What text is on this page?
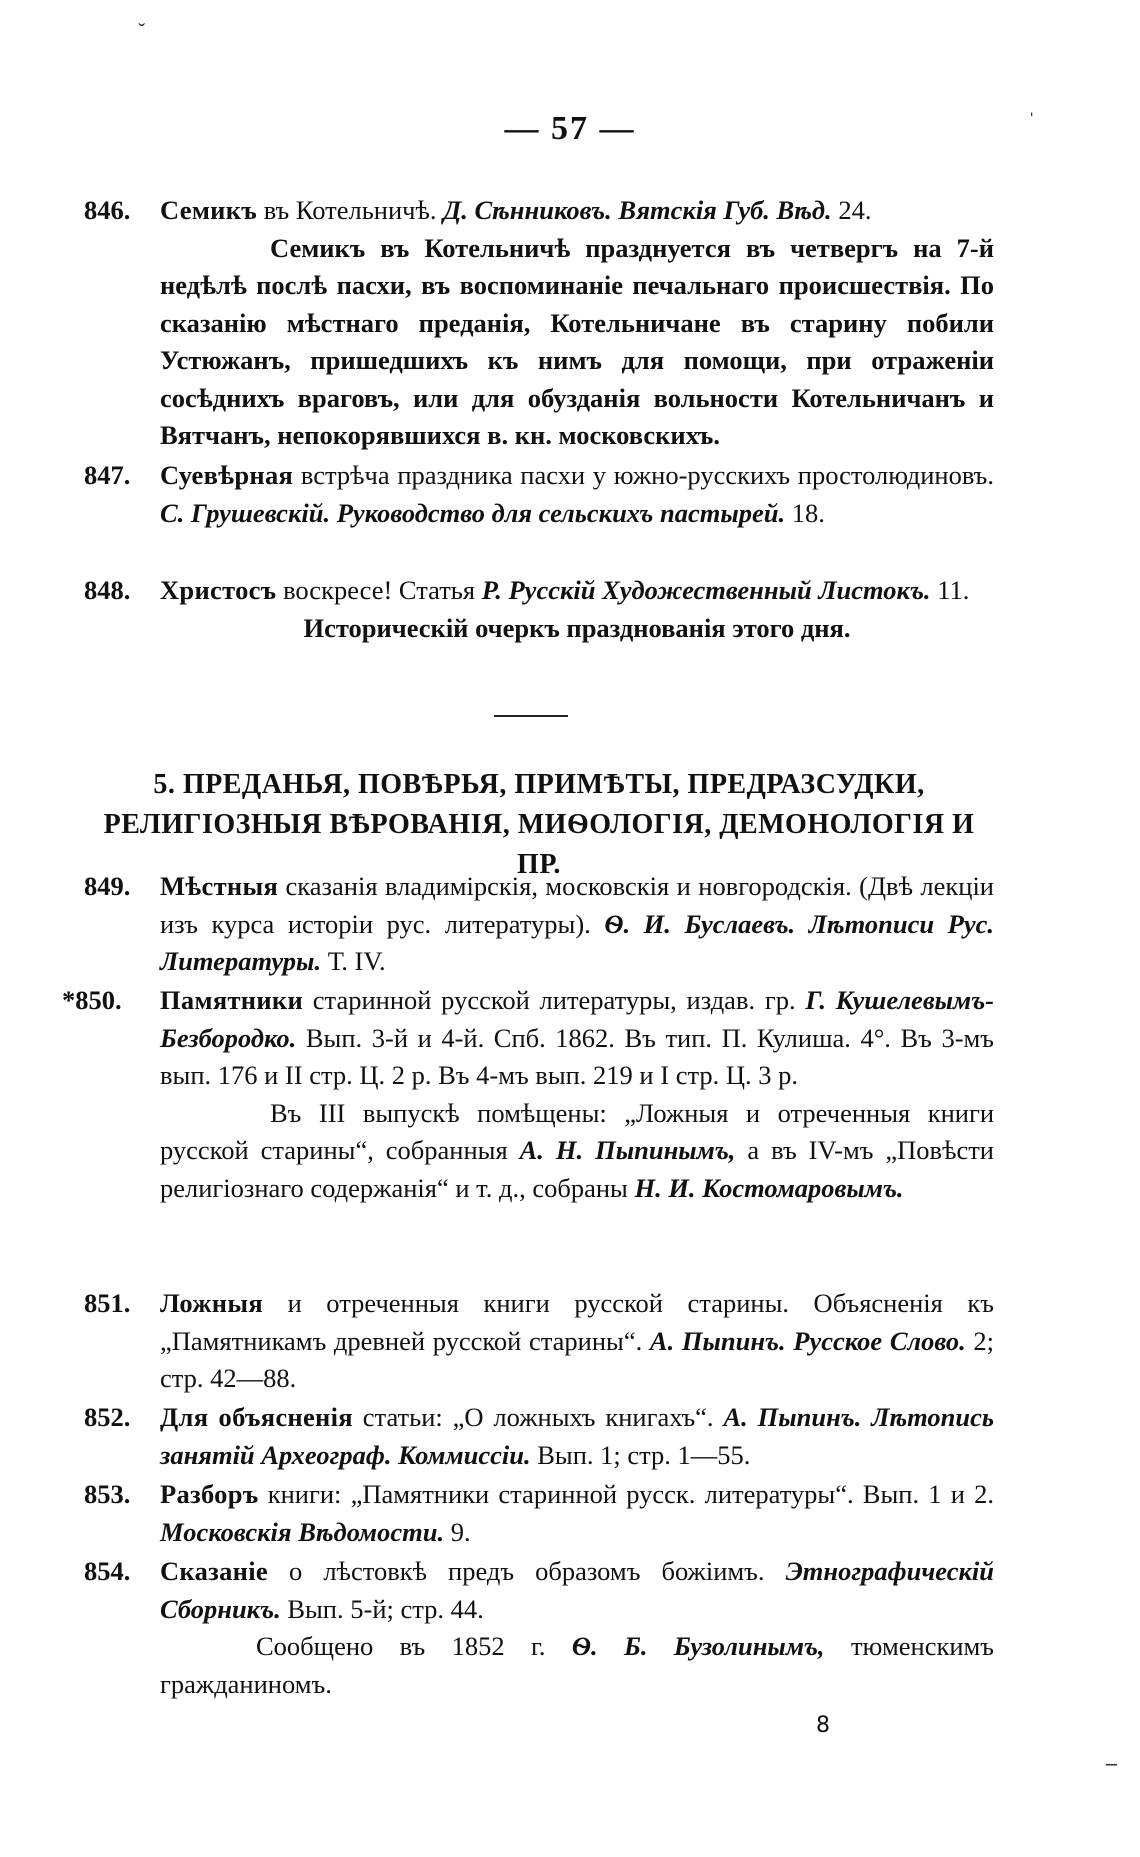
— 57 —
846. Семикъ въ Котельничѣ. Д. Сѣнниковъ. Вятскія Губ. Вѣд. 24.
Семикъ въ Котельничѣ празднуется въ четвергъ на 7-й недѣлѣ послѣ пасхи, въ воспоминаніе печальнаго происшествія. По сказанію мѣстнаго преданія, Котельничане въ старину побили Устюжанъ, пришедшихъ къ нимъ для помощи, при отраженіи сосѣднихъ враговъ, или для обузданія вольности Котельничанъ и Вятчанъ, непокорявшихся в. кн. московскихъ.
847. Суевѣрная встрѣча праздника пасхи у южно-русскихъ простолюдиновъ. С. Грушевскій. Руководство для сельскихъ пастырей. 18.
848. Христосъ воскресе! Статья Р. Русскій Художественный Листокъ. 11.
Историческій очеркъ празднованія этого дня.
5. ПРЕДАНЬЯ, ПОВѢРЬЯ, ПРИМѢТЫ, ПРЕДРАЗСУДКИ, РЕЛИГІОЗНЫЯ ВѢРОВАНІЯ, МИѲОЛОГІЯ, ДЕМОНОЛОГІЯ И ПР.
849. Мѣстныя сказанія владимірскія, московскія и новгородскія. (Двѣ лекціи изъ курса исторіи рус. литературы). Ѳ. И. Буслаевъ. Лѣтописи Рус. Литературы. Т. IV.
*850. Памятники старинной русской литературы, издав. гр. Г. Кушелевымъ-Безбородко. Вып. 3-й и 4-й. Спб. 1862. Въ тип. П. Кулиша. 4°. Въ 3-мъ вып. 176 и II стр. Ц. 2 р. Въ 4-мъ вып. 219 и I стр. Ц. 3 р.
Въ III выпускѣ помѣщены: „Ложныя и отреченныя книги русской старины“, собранныя А. Н. Пыпинымъ, а въ IV-мъ „Повѣсти религіознаго содержанія“ и т. д., собраны Н. И. Костомаровымъ.
851. Ложныя и отреченныя книги русской старины. Объясненія къ „Памятникамъ древней русской старины“. А. Пыпинъ. Русское Слово. 2; стр. 42—88.
852. Для объясненія статьи: „О ложныхъ книгахъ“. А. Пыпинъ. Лѣтопись занятій Археограф. Коммиссіи. Вып. 1; стр. 1—55.
853. Разборъ книги: „Памятники старинной русск. литературы“. Вып. 1 и 2. Московскія Вѣдомости. 9.
854. Сказаніе о лѣстовкѣ предъ образомъ божіимъ. Этнографическій Сборникъ. Вып. 5-й; стр. 44.
Сообщено въ 1852 г. Ѳ. Б. Бузолинымъ, тюменскимъ гражданиномъ.
8
˘
ˈ
–
